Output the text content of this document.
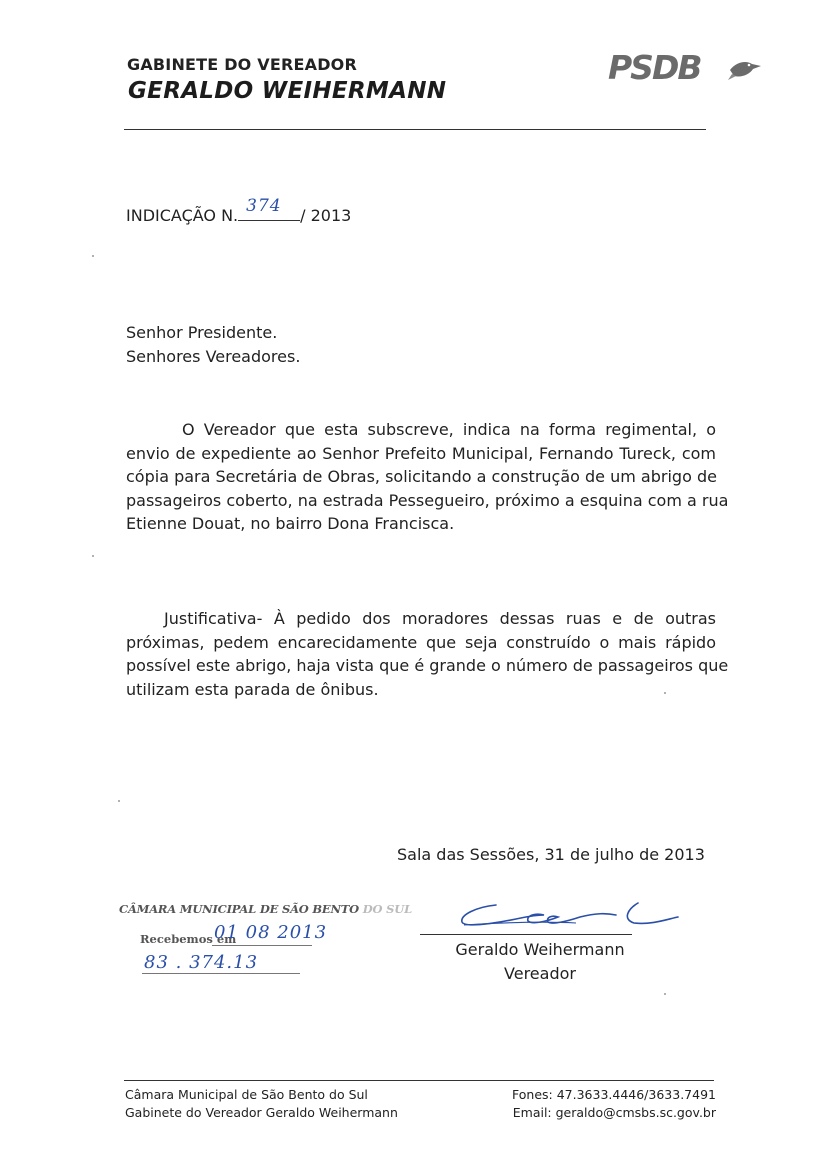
GABINETE DO VEREADOR
GERALDO WEIHERMANN
PSDB
INDICAÇÃO N. 374 / 2013
Senhor Presidente.
Senhores Vereadores.
O Vereador que esta subscreve, indica na forma regimental, o
envio de expediente ao Senhor Prefeito Municipal, Fernando Tureck, com
cópia para Secretária de Obras, solicitando a construção de um abrigo de
passageiros coberto, na estrada Pessegueiro, próximo a esquina com a rua
Etienne Douat, no bairro Dona Francisca.
Justificativa- À pedido dos moradores dessas ruas e de outras
próximas, pedem encarecidamente que seja construído o mais rápido
possível este abrigo, haja vista que é grande o número de passageiros que
utilizam esta parada de ônibus.
Sala das Sessões, 31 de julho de 2013
CÂMARA MUNICIPAL DE SÃO BENTO DO SUL
Recebemos em
01 08 2013
83 . 374.13
Geraldo Weihermann
Vereador
Câmara Municipal de São Bento do Sul
Gabinete do Vereador Geraldo Weihermann
Fones: 47.3633.4446/3633.7491
Email: geraldo@cmsbs.sc.gov.br
